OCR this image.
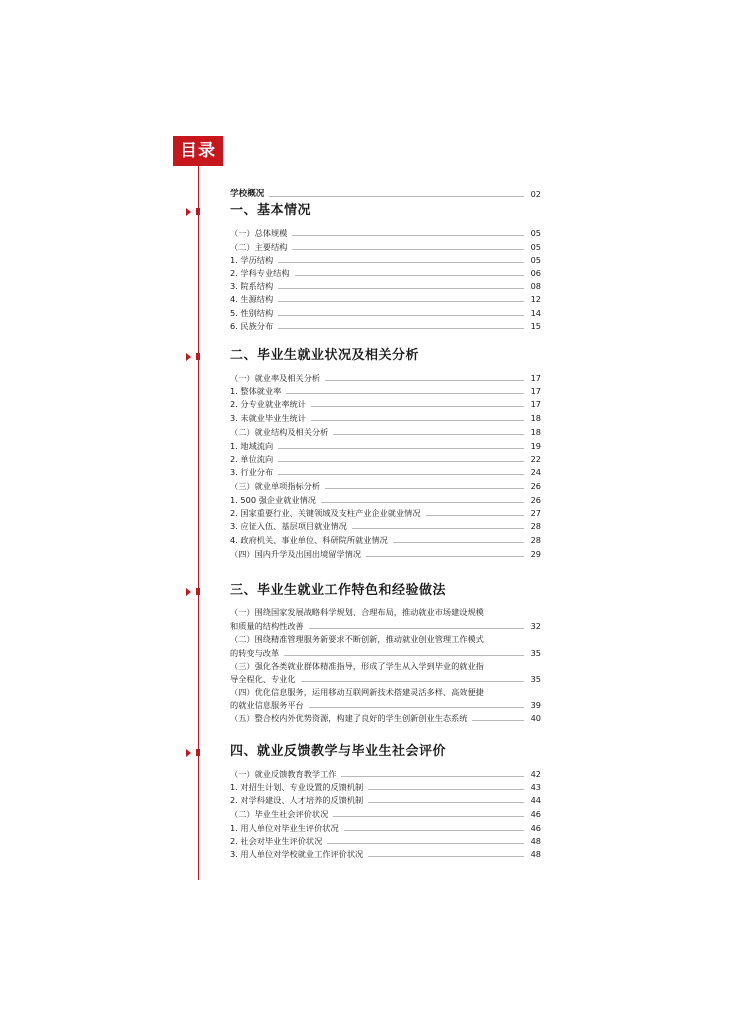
目录
学校概况	02
一、基本情况
（一）总体规模	05
（二）主要结构	05
1. 学历结构	05
2. 学科专业结构	06
3. 院系结构	08
4. 生源结构	12
5. 性别结构	14
6. 民族分布	15
二、毕业生就业状况及相关分析
（一）就业率及相关分析	17
1. 整体就业率	17
2. 分专业就业率统计	17
3. 未就业毕业生统计	18
（二）就业结构及相关分析	18
1. 地域流向	19
2. 单位流向	22
3. 行业分布	24
（三）就业单项指标分析	26
1. 500 强企业就业情况	26
2. 国家重要行业、关键领域及支柱产业企业就业情况	27
3. 应征入伍、基层项目就业情况	28
4. 政府机关、事业单位、科研院所就业情况	28
（四）国内升学及出国出境留学情况	29
三、毕业生就业工作特色和经验做法
（一）围绕国家发展战略科学规划、合理布局，推动就业市场建设规模
和质量的结构性改善	32
（二）围绕精准管理服务新要求不断创新，推动就业创业管理工作模式
的转变与改革	35
（三）强化各类就业群体精准指导，形成了学生从入学到毕业的就业指
导全程化、专业化	35
（四）优化信息服务，运用移动互联网新技术搭建灵活多样、高效便捷
的就业信息服务平台	39
（五）整合校内外优势资源，构建了良好的学生创新创业生态系统	40
四、就业反馈教学与毕业生社会评价
（一）就业反馈教育教学工作	42
1. 对招生计划、专业设置的反馈机制	43
2. 对学科建设、人才培养的反馈机制	44
（二）毕业生社会评价状况	46
1. 用人单位对毕业生评价状况	46
2. 社会对毕业生评价状况	48
3. 用人单位对学校就业工作评价状况	48
